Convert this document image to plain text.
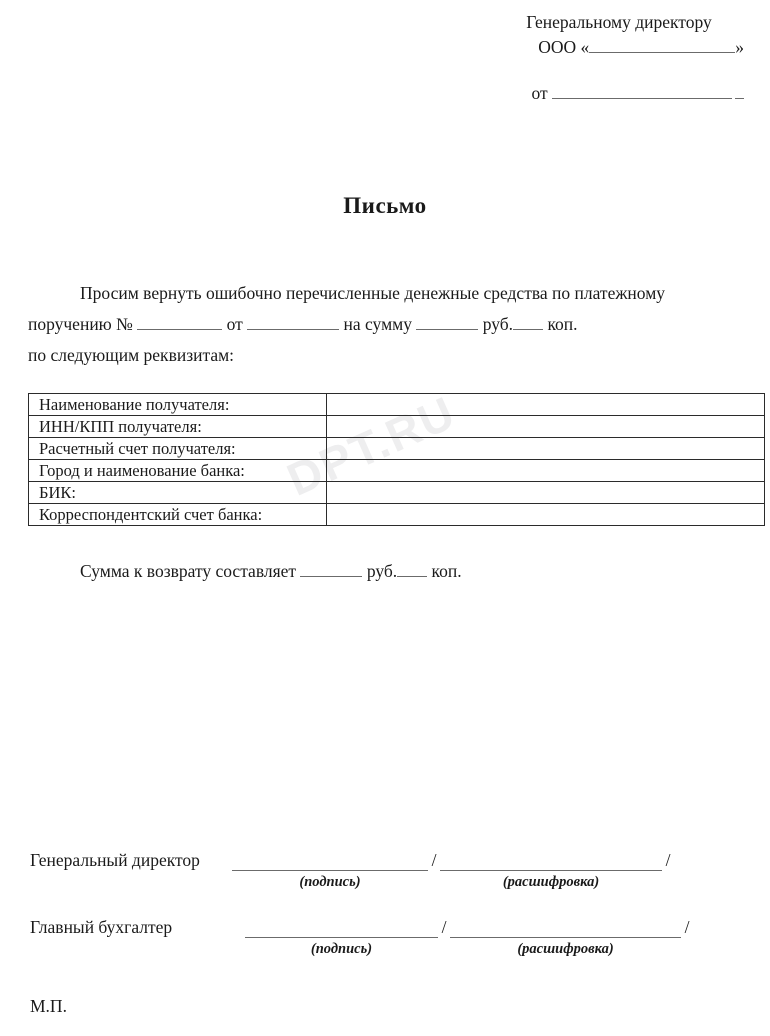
DPT.RU
Генеральному директору
ООО «	»
от
Письмо

Просим вернуть ошибочно перечисленные денежные средства по платежному

поручению №	от	на сумму	руб. коп.

по следующим реквизитам:

Наименование получателя:	
ИНН/КПП получателя:	
Расчетный счет получателя:	
Город и наименование банка:	
БИК:	
Корреспондентский счет банка:	
Сумма к возврату составляет	руб. коп.
Генеральный директор
(подпись)
/
(расшифровка)
/
Главный бухгалтер
(подпись)
/
(расшифровка)
/
М.П.
